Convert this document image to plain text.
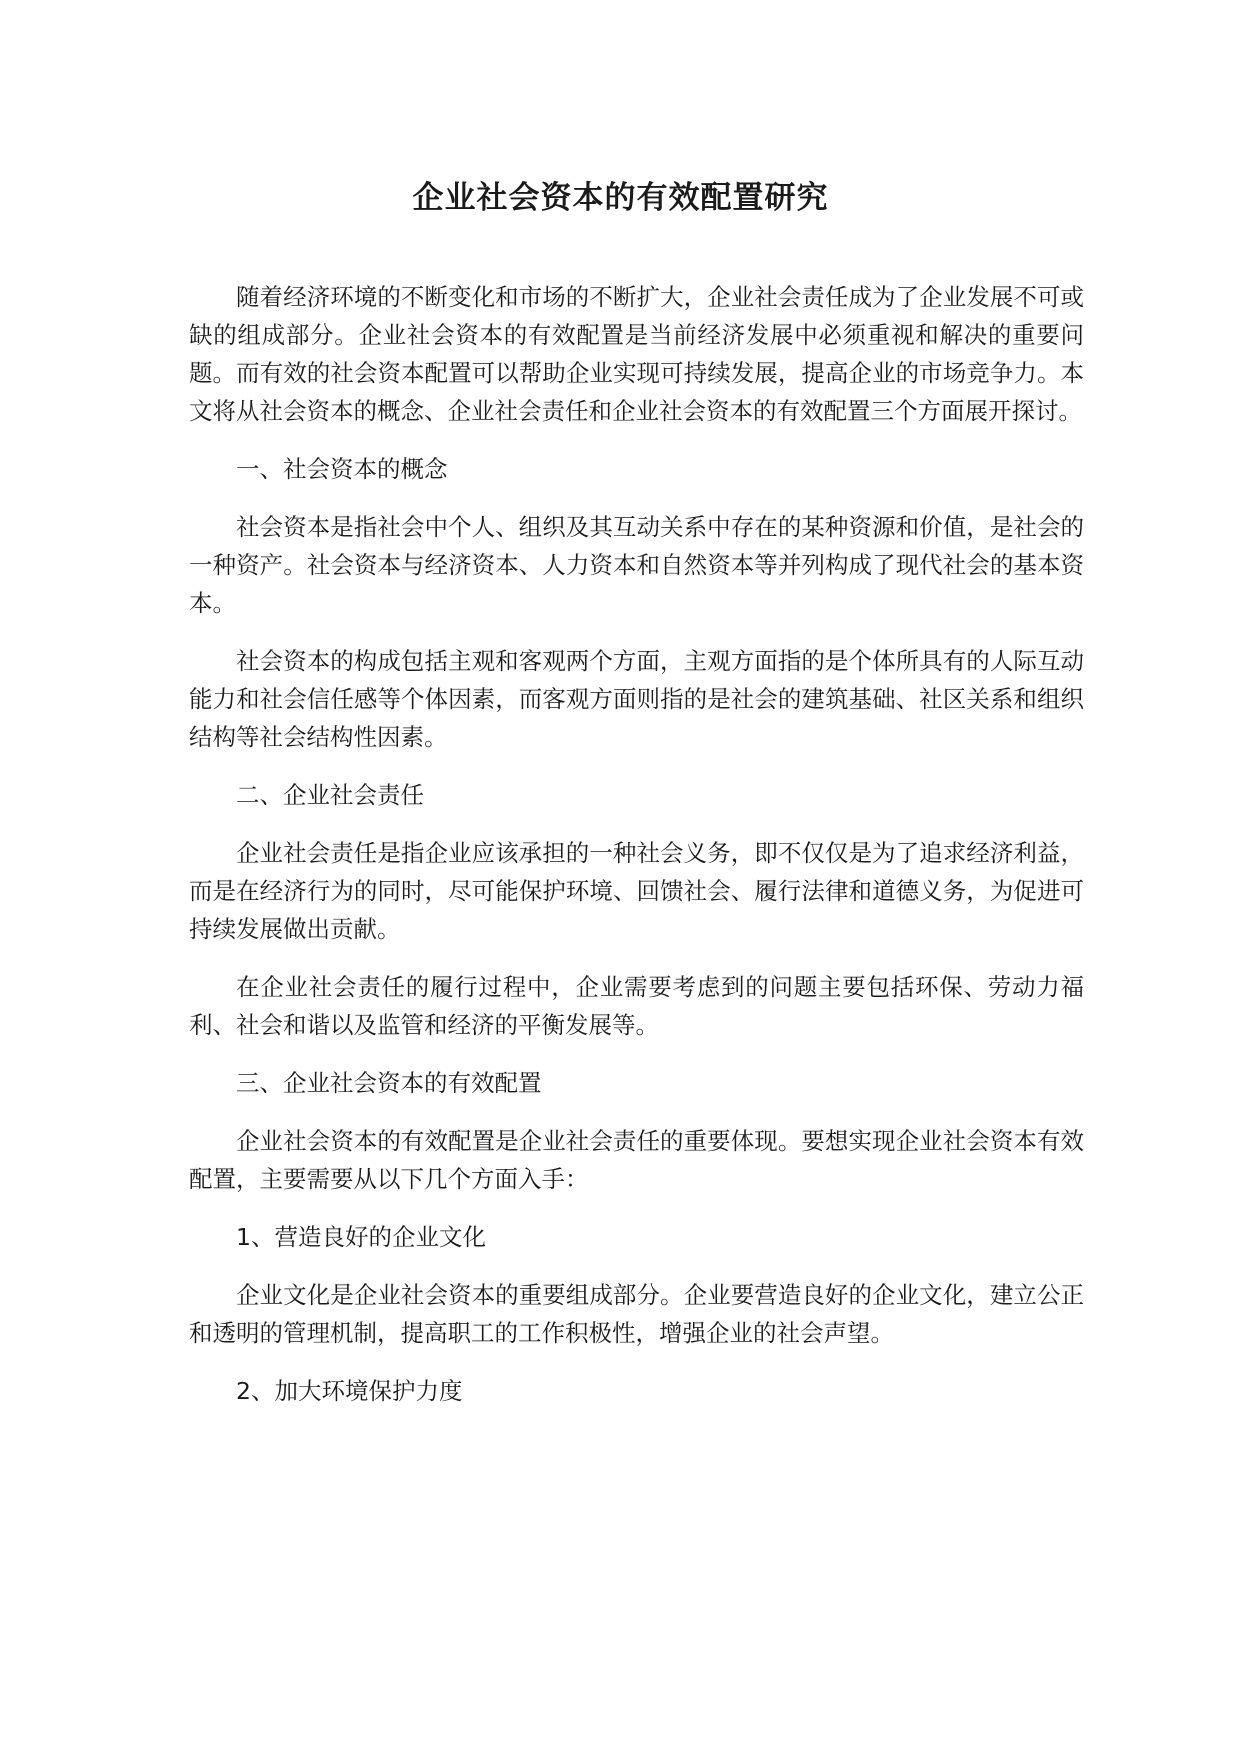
企业社会资本的有效配置研究

随着经济环境的不断变化和市场的不断扩大，企业社会责任成为了企业发展不可或缺的组成部分。企业社会资本的有效配置是当前经济发展中必须重视和解决的重要问题。而有效的社会资本配置可以帮助企业实现可持续发展，提高企业的市场竞争力。本文将从社会资本的概念、企业社会责任和企业社会资本的有效配置三个方面展开探讨。

一、社会资本的概念

社会资本是指社会中个人、组织及其互动关系中存在的某种资源和价值，是社会的一种资产。社会资本与经济资本、人力资本和自然资本等并列构成了现代社会的基本资本。

社会资本的构成包括主观和客观两个方面，主观方面指的是个体所具有的人际互动能力和社会信任感等个体因素，而客观方面则指的是社会的建筑基础、社区关系和组织结构等社会结构性因素。

二、企业社会责任

企业社会责任是指企业应该承担的一种社会义务，即不仅仅是为了追求经济利益，而是在经济行为的同时，尽可能保护环境、回馈社会、履行法律和道德义务，为促进可持续发展做出贡献。

在企业社会责任的履行过程中，企业需要考虑到的问题主要包括环保、劳动力福利、社会和谐以及监管和经济的平衡发展等。

三、企业社会资本的有效配置

企业社会资本的有效配置是企业社会责任的重要体现。要想实现企业社会资本有效配置，主要需要从以下几个方面入手：

1、营造良好的企业文化

企业文化是企业社会资本的重要组成部分。企业要营造良好的企业文化，建立公正和透明的管理机制，提高职工的工作积极性，增强企业的社会声望。

2、加大环境保护力度
